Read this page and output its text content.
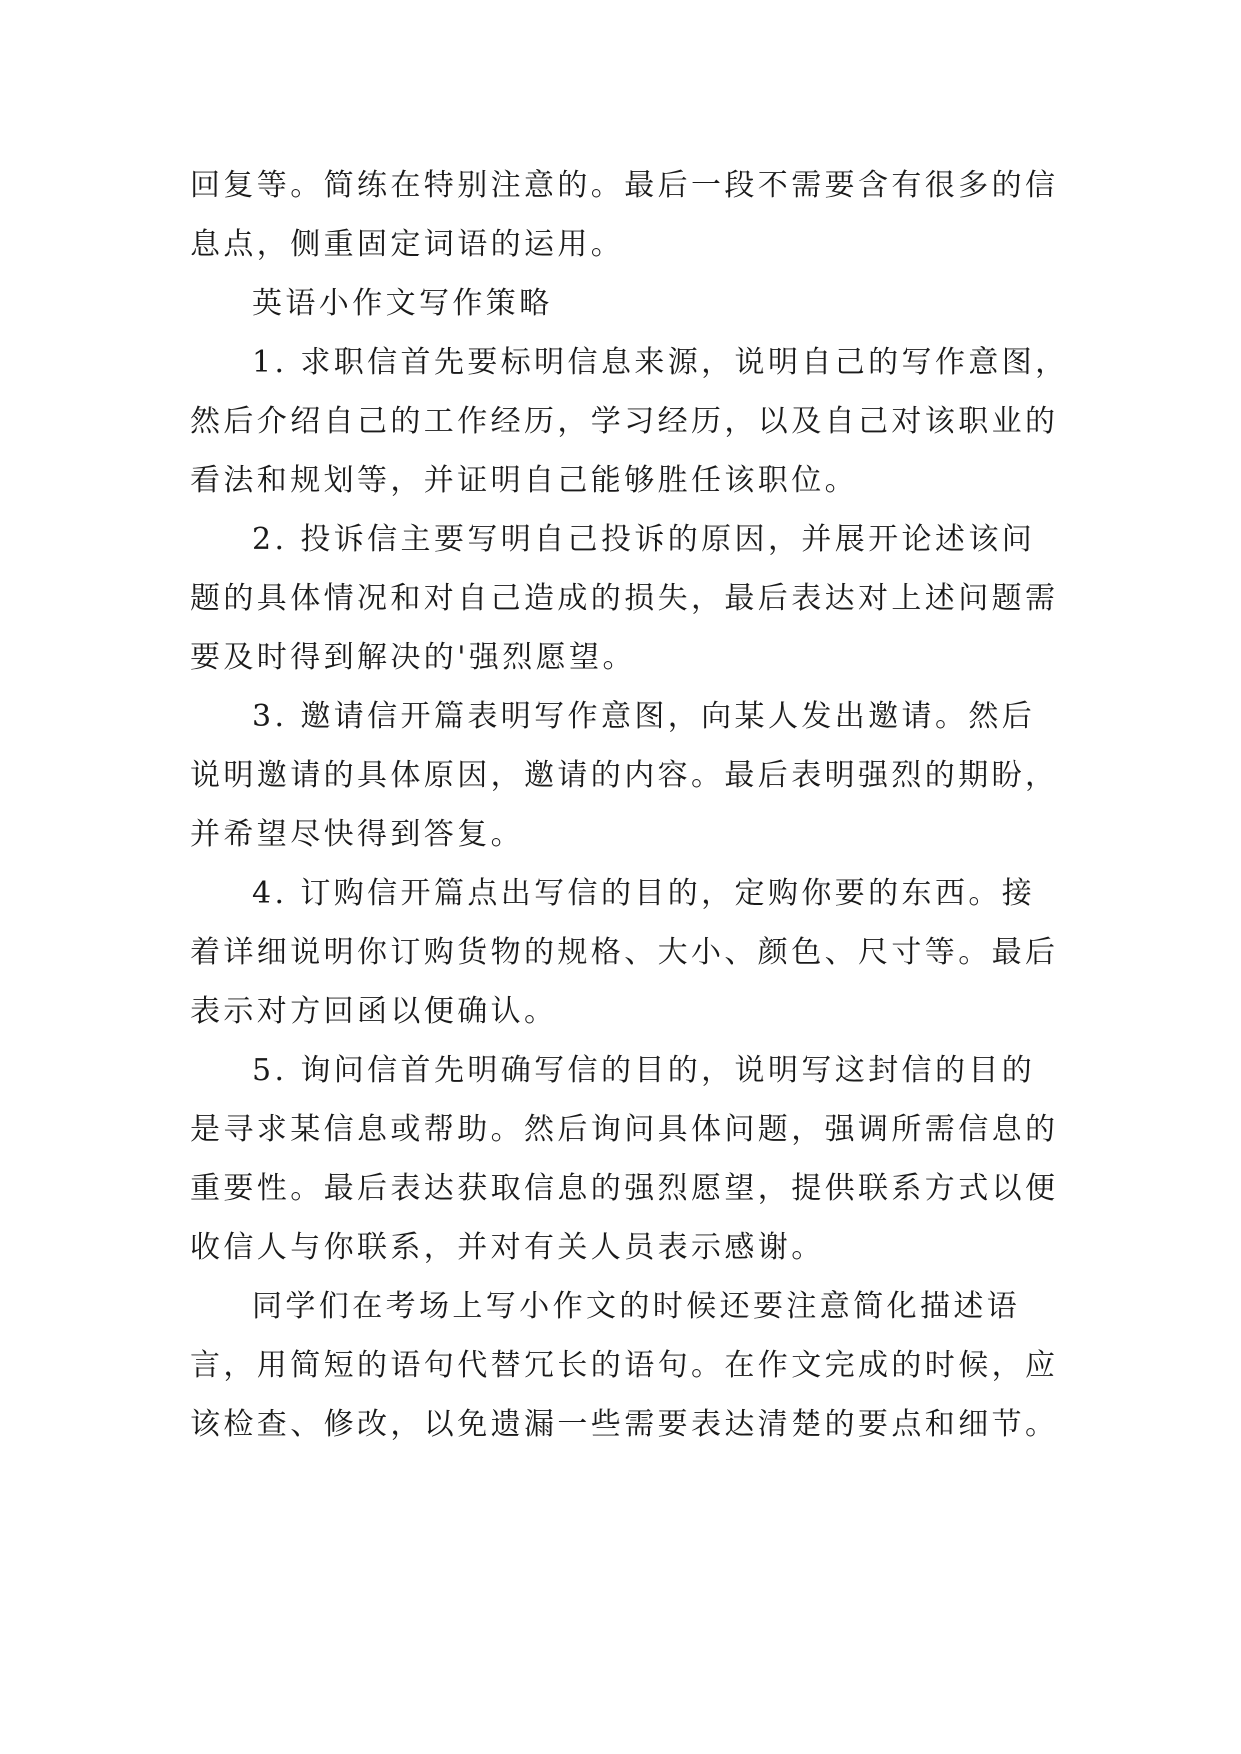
回复等。简练在特别注意的。最后一段不需要含有很多的信
息点，侧重固定词语的运用。
英语小作文写作策略
1. 求职信首先要标明信息来源，说明自己的写作意图，
然后介绍自己的工作经历，学习经历，以及自己对该职业的
看法和规划等，并证明自己能够胜任该职位。
2. 投诉信主要写明自己投诉的原因，并展开论述该问
题的具体情况和对自己造成的损失，最后表达对上述问题需
要及时得到解决的'强烈愿望。
3. 邀请信开篇表明写作意图，向某人发出邀请。然后
说明邀请的具体原因，邀请的内容。最后表明强烈的期盼，
并希望尽快得到答复。
4. 订购信开篇点出写信的目的，定购你要的东西。接
着详细说明你订购货物的规格、大小、颜色、尺寸等。最后
表示对方回函以便确认。
5. 询问信首先明确写信的目的，说明写这封信的目的
是寻求某信息或帮助。然后询问具体问题，强调所需信息的
重要性。最后表达获取信息的强烈愿望，提供联系方式以便
收信人与你联系，并对有关人员表示感谢。
同学们在考场上写小作文的时候还要注意简化描述语
言，用简短的语句代替冗长的语句。在作文完成的时候，应
该检查、修改，以免遗漏一些需要表达清楚的要点和细节。
